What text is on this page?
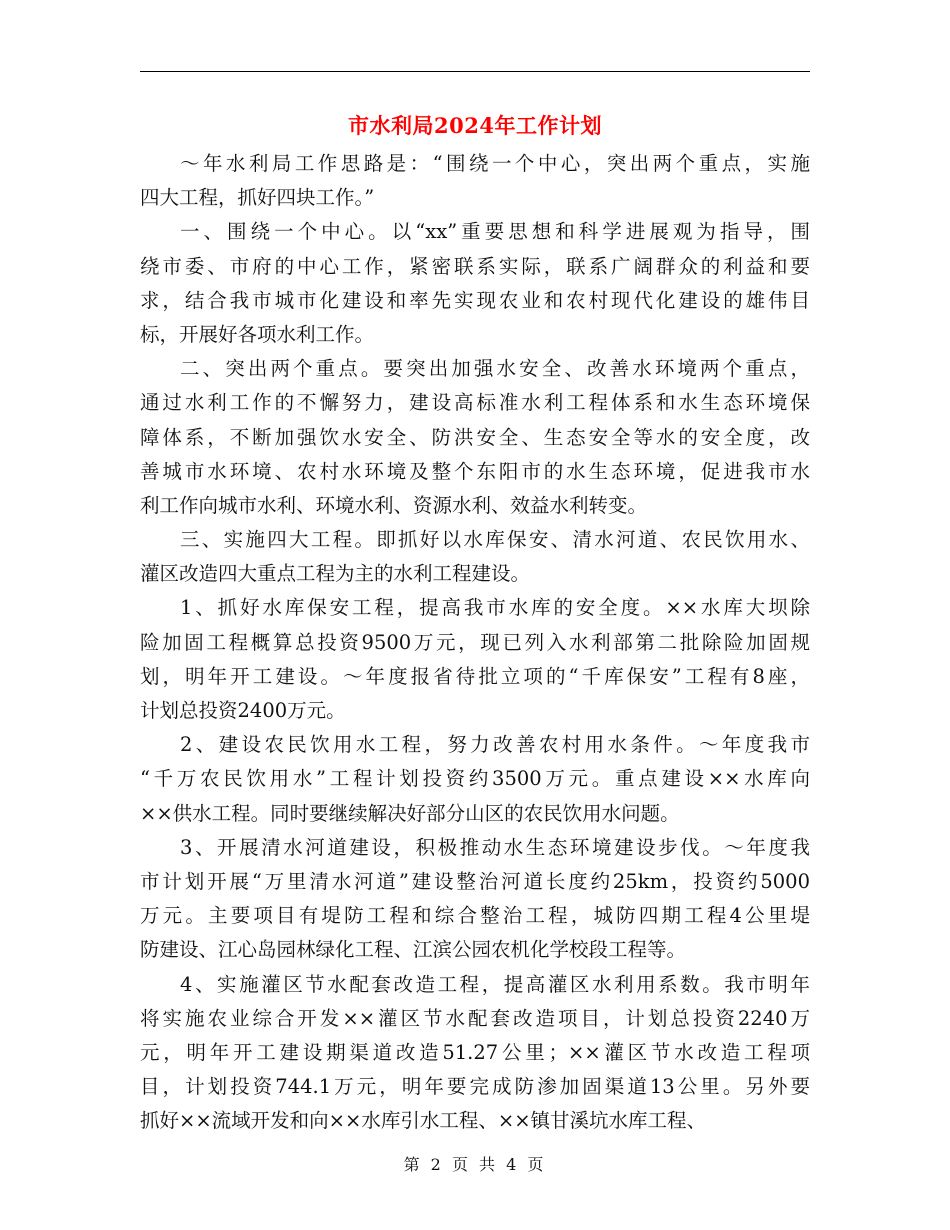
市水利局2024年工作计划
～年水利局工作思路是：“围绕一个中心，突出两个重点，实施
四大工程，抓好四块工作。”
一、围绕一个中心。以“xx”重要思想和科学进展观为指导，围
绕市委、市府的中心工作，紧密联系实际，联系广阔群众的利益和要
求，结合我市城市化建设和率先实现农业和农村现代化建设的雄伟目
标，开展好各项水利工作。
二、突出两个重点。要突出加强水安全、改善水环境两个重点，
通过水利工作的不懈努力，建设高标准水利工程体系和水生态环境保
障体系，不断加强饮水安全、防洪安全、生态安全等水的安全度，改
善城市水环境、农村水环境及整个东阳市的水生态环境，促进我市水
利工作向城市水利、环境水利、资源水利、效益水利转变。
三、实施四大工程。即抓好以水库保安、清水河道、农民饮用水、
灌区改造四大重点工程为主的水利工程建设。
1、抓好水库保安工程，提高我市水库的安全度。××水库大坝除
险加固工程概算总投资9500万元，现已列入水利部第二批除险加固规
划，明年开工建设。～年度报省待批立项的“千库保安”工程有8座，
计划总投资2400万元。
2、建设农民饮用水工程，努力改善农村用水条件。～年度我市
“千万农民饮用水”工程计划投资约3500万元。重点建设××水库向
××供水工程。同时要继续解决好部分山区的农民饮用水问题。
3、开展清水河道建设，积极推动水生态环境建设步伐。～年度我
市计划开展“万里清水河道”建设整治河道长度约25km，投资约5000
万元。主要项目有堤防工程和综合整治工程，城防四期工程4公里堤
防建设、江心岛园林绿化工程、江滨公园农机化学校段工程等。
4、实施灌区节水配套改造工程，提高灌区水利用系数。我市明年
将实施农业综合开发××灌区节水配套改造项目，计划总投资2240万
元，明年开工建设期渠道改造51.27公里；××灌区节水改造工程项
目，计划投资744.1万元，明年要完成防渗加固渠道13公里。另外要
抓好××流域开发和向××水库引水工程、××镇甘溪坑水库工程、
第 2 页 共 4 页
